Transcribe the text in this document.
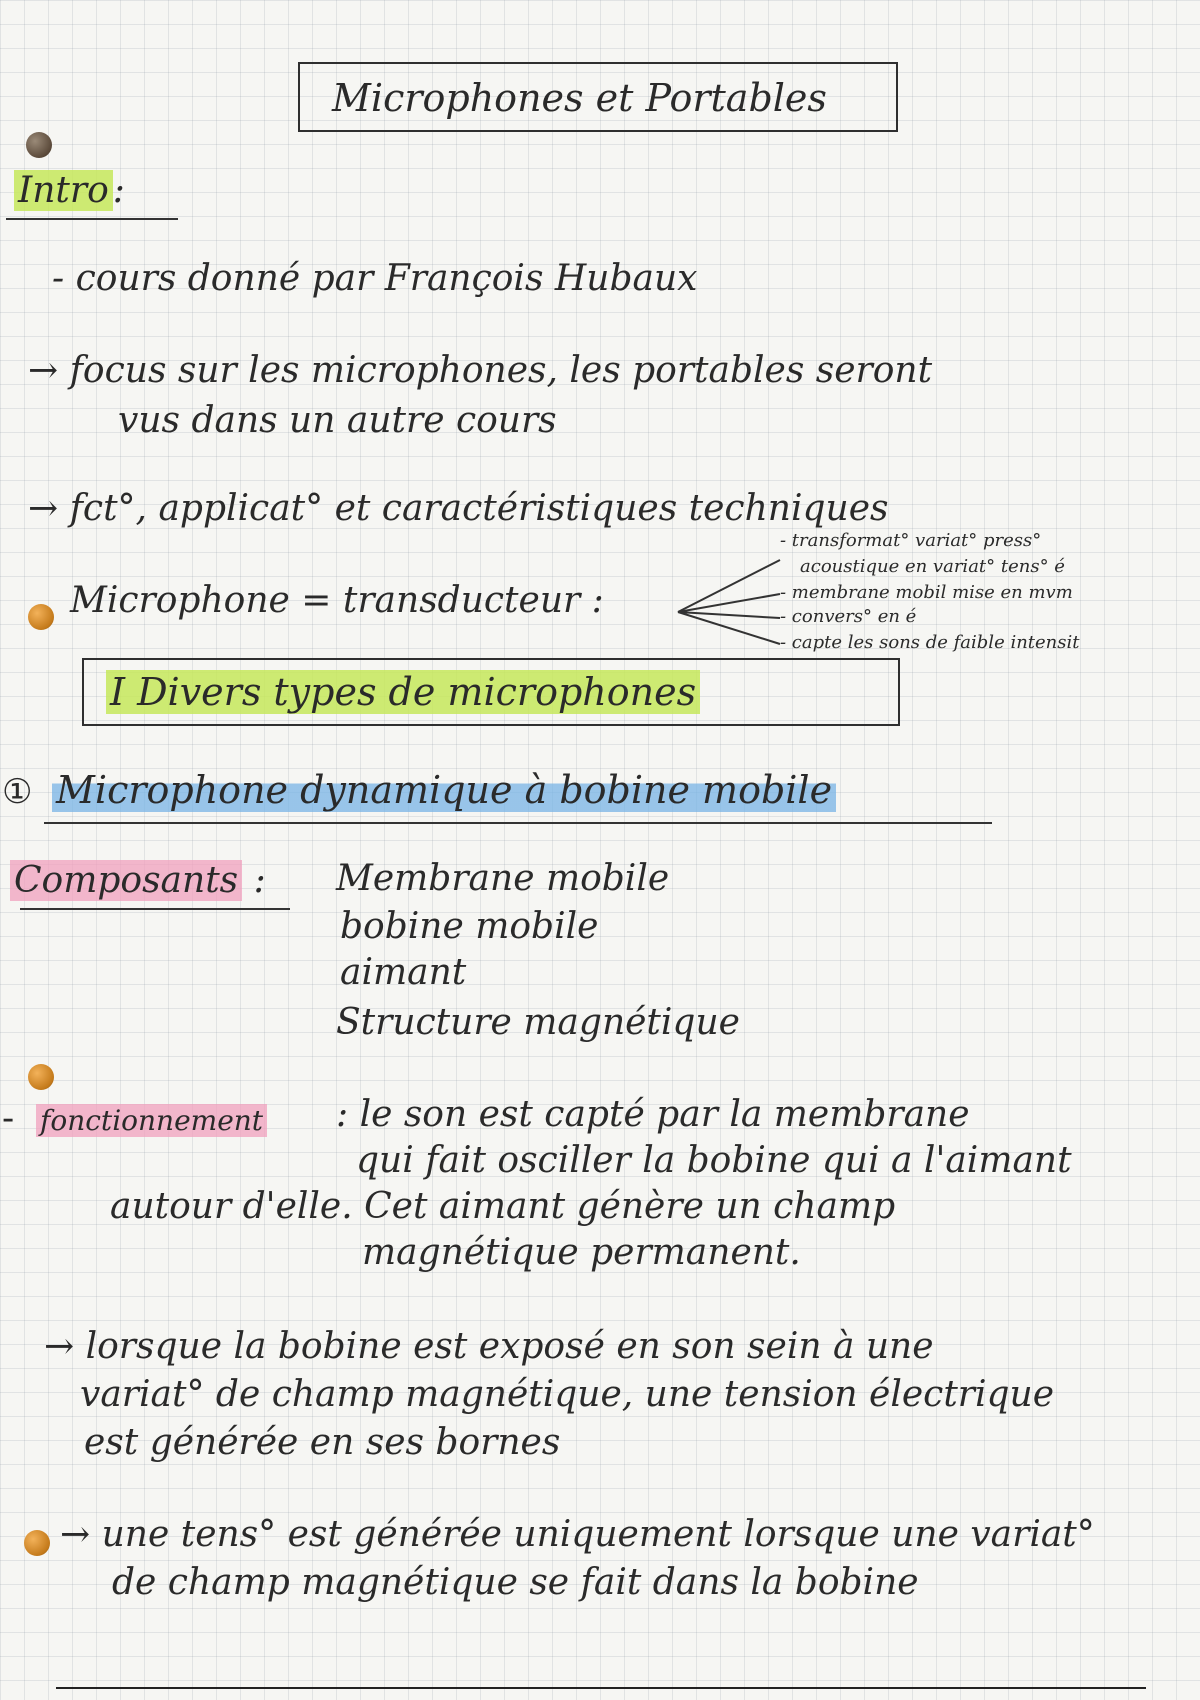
Microphones et Portables
Intro :
- cours donné par François Hubaux
→ focus sur les microphones, les portables seront
vus dans un autre cours
→ fct°, applicat° et caractéristiques techniques
Microphone = transducteur :
- transformat° variat° press°
acoustique en variat° tens° é
- membrane mobil mise en mvm
- convers° en é
- capte les sons de faible intensit
I Divers types de microphones
① Microphone dynamique à bobine mobile
Composants : Membrane mobile
bobine mobile
aimant
Structure magnétique
- fonctionnement : le son est capté par la membrane
qui fait osciller la bobine qui a l'aimant
autour d'elle. Cet aimant génère un champ
magnétique permanent.
→ lorsque la bobine est exposé en son sein à une
variat° de champ magnétique, une tension électrique
est générée en ses bornes
→ une tens° est générée uniquement lorsque une variat°
de champ magnétique se fait dans la bobine
